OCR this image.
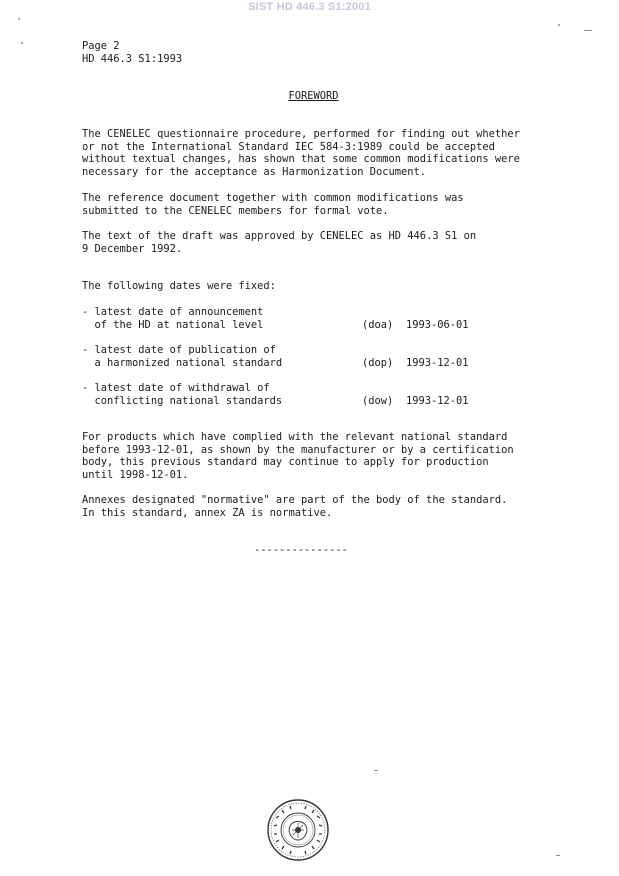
SIST HD 446.3 S1:2001
Page 2
HD 446.3 S1:1993
FOREWORD
The CENELEC questionnaire procedure, performed for finding out whether
or not the International Standard IEC 584-3:1989 could be accepted
without textual changes, has shown that some common modifications were
necessary for the acceptance as Harmonization Document.
The reference document together with common modifications was
submitted to the CENELEC members for formal vote.
The text of the draft was approved by CENELEC as HD 446.3 S1 on
9 December 1992.
The following dates were fixed:
- latest date of announcement
of the HD at national level	(doa) 1993-06-01
- latest date of publication of
a harmonized national standard	(dop) 1993-12-01
- latest date of withdrawal of
conflicting national standards	(dow) 1993-12-01
For products which have complied with the relevant national standard
before 1993-12-01, as shown by the manufacturer or by a certification
body, this previous standard may continue to apply for production
until 1998-12-01.
Annexes designated "normative" are part of the body of the standard.
In this standard, annex ZA is normative.
---------------
